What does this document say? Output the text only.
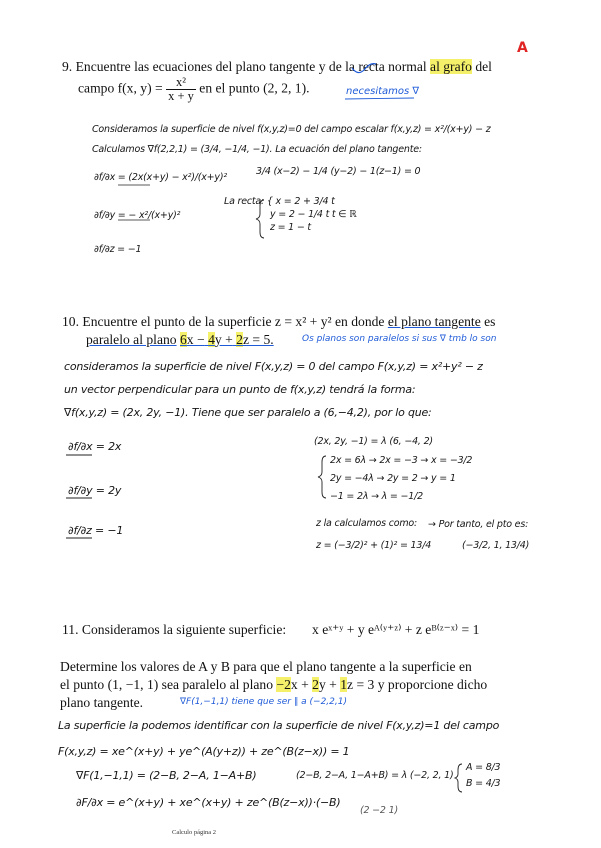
9. Encuentre las ecuaciones del plano tangente y de la recta normal al grafo del
campo f(x, $y) = \frac{\text{x²}}{x + y}$ en el punto (2, 2, 1).
A
necesitamos ∇
Consideramos la superficie de nivel f(x,y,z)=0 del campo escalar f(x,y,z) = x²/(x+y) − z
Calculamos ∇f(2,2,1) = (3/4, −1/4, −1). La ecuación del plano tangente:
∂f/∂x = (2x(x+y) − x²)/(x+y)²
3/4 (x−2) − 1/4 (y−2) − 1(z−1) = 0
∂f/∂y = − x²/(x+y)²
La recta: { x = 2 + 3/4 t
y = 2 − 1/4 t t ∈ ℝ
z = 1 − t
∂f/∂z = −1
10. Encuentre el punto de la superficie z = x² + y² en donde el plano tangente es
paralelo al plano 6x − 4y + 2z = 5.	Os planos son paralelos si sus ∇ tmb lo son
consideramos la superficie de nivel F(x,y,z) = 0 del campo F(x,y,z) = x²+y² − z
un vector perpendicular para un punto de f(x,y,z) tendrá la forma:
∇f(x,y,z) = (2x, 2y, −1). Tiene que ser paralelo a (6,−4,2), por lo que:
∂f/∂x = 2x	(2x, 2y, −1) = λ (6, −4, 2)
2x = 6λ → 2x = −3 → x = −3/2
2y = −4λ → 2y = 2 → y = 1
−1 = 2λ → λ = −1/2
∂f/∂y = 2y
∂f/∂z = −1
z la calculamos como:
z = (−3/2)² + (1)² = 13/4
→ Por tanto, el pto es:
(−3/2, 1, 13/4)
11. Consideramos la siguiente superficie: x eˣ⁺ʸ + y eᴬ⁽ʸ⁺ᶻ⁾ + z eᴮ⁽ᶻ⁻ˣ⁾ = 1
Determine los valores de A y B para que el plano tangente a la superficie en
el punto (1, −1, 1) sea paralelo al plano −2x + 2y + 1z = 3 y proporcione dicho
plano tangente.	∇F(1,−1,1) tiene que ser ∥ a (−2,2,1)
La superficie la podemos identificar con la superficie de nivel F(x,y,z)=1 del campo
F(x,y,z) = xe^(x+y) + ye^(A(y+z)) + ze^(B(z−x)) = 1
∇F(1,−1,1) = (2−B, 2−A, 1−A+B)	(2−B, 2−A, 1−A+B) = λ (−2, 2, 1)
A = 8/3
B = 4/3
∂F/∂x = e^(x+y) + xe^(x+y) + ze^(B(z−x))·(−B)
(2 −2 1)
Calculo página 2
